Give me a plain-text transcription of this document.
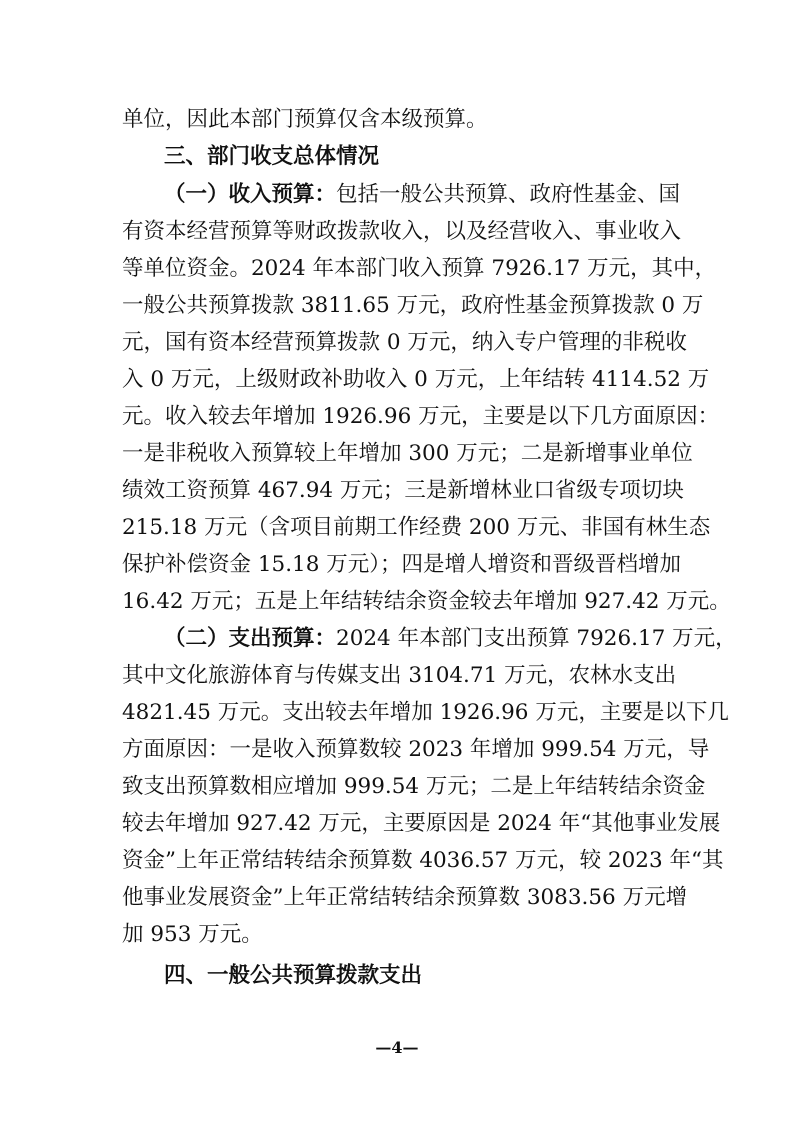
单位，因此本部门预算仅含本级预算。
三、部门收支总体情况
（一）收入预算：包括一般公共预算、政府性基金、国
有资本经营预算等财政拨款收入，以及经营收入、事业收入
等单位资金。2024 年本部门收入预算 7926.17 万元，其中，
一般公共预算拨款 3811.65 万元，政府性基金预算拨款 0 万
元，国有资本经营预算拨款 0 万元，纳入专户管理的非税收
入 0 万元，上级财政补助收入 0 万元，上年结转 4114.52 万
元。收入较去年增加 1926.96 万元，主要是以下几方面原因：
一是非税收入预算较上年增加 300 万元；二是新增事业单位
绩效工资预算 467.94 万元；三是新增林业口省级专项切块
215.18 万元（含项目前期工作经费 200 万元、非国有林生态
保护补偿资金 15.18 万元）；四是增人增资和晋级晋档增加
16.42 万元；五是上年结转结余资金较去年增加 927.42 万元。
（二）支出预算：2024 年本部门支出预算 7926.17 万元，
其中文化旅游体育与传媒支出 3104.71 万元，农林水支出
4821.45 万元。支出较去年增加 1926.96 万元，主要是以下几
方面原因：一是收入预算数较 2023 年增加 999.54 万元，导
致支出预算数相应增加 999.54 万元；二是上年结转结余资金
较去年增加 927.42 万元，主要原因是 2024 年“其他事业发展
资金”上年正常结转结余预算数 4036.57 万元，较 2023 年“其
他事业发展资金”上年正常结转结余预算数 3083.56 万元增
加 953 万元。
四、一般公共预算拨款支出
—4—
